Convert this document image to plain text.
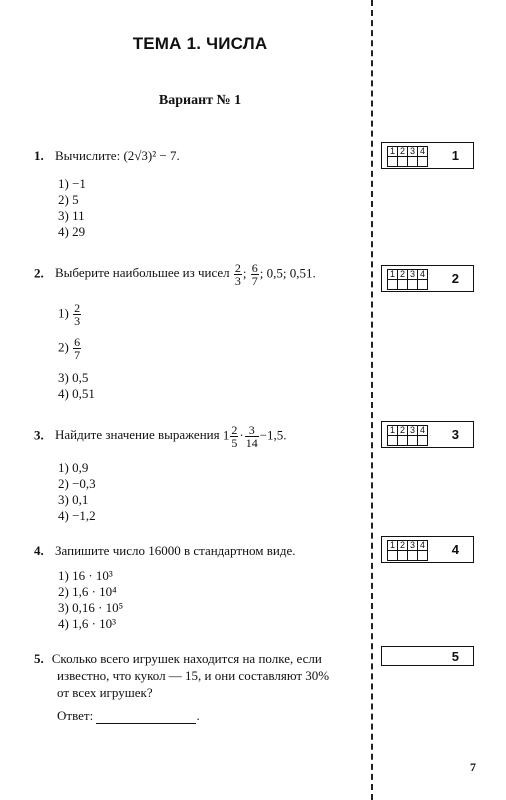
ТЕМА 1. ЧИСЛА
Вариант № 1
1. Вычислите: (2√3)² − 7.
1) −1
2) 5
3) 11
4) 29
2. Выберите наибольшее из чисел $\frac{2}{3}$ ; $\frac{6}{7}$ ; 0,5; 0,51.
$1) \frac{2}{3}$
$2) \frac{6}{7}$
3) 0,5
4) 0,51
3. Найдите значение выражения $1 \frac{2}{5} \cdot \frac{3}{14} -1,5$.
1) 0,9
2) −0,3
3) 0,1
4) −1,2
4. Запишите число 16000 в стандартном виде.
1) 16 · 10³
2) 1,6 · 10⁴
3) 0,16 · 10⁵
4) 1,6 · 10³
5. Сколько всего игрушек находится на полке, если
известно, что кукол — 15, и они составляют 30%
от всех игрушек?
Ответ:	.
1 2 3 4 1
1 2 3 4 2
1 2 3 4 3
1 2 3 4 4
5
7
